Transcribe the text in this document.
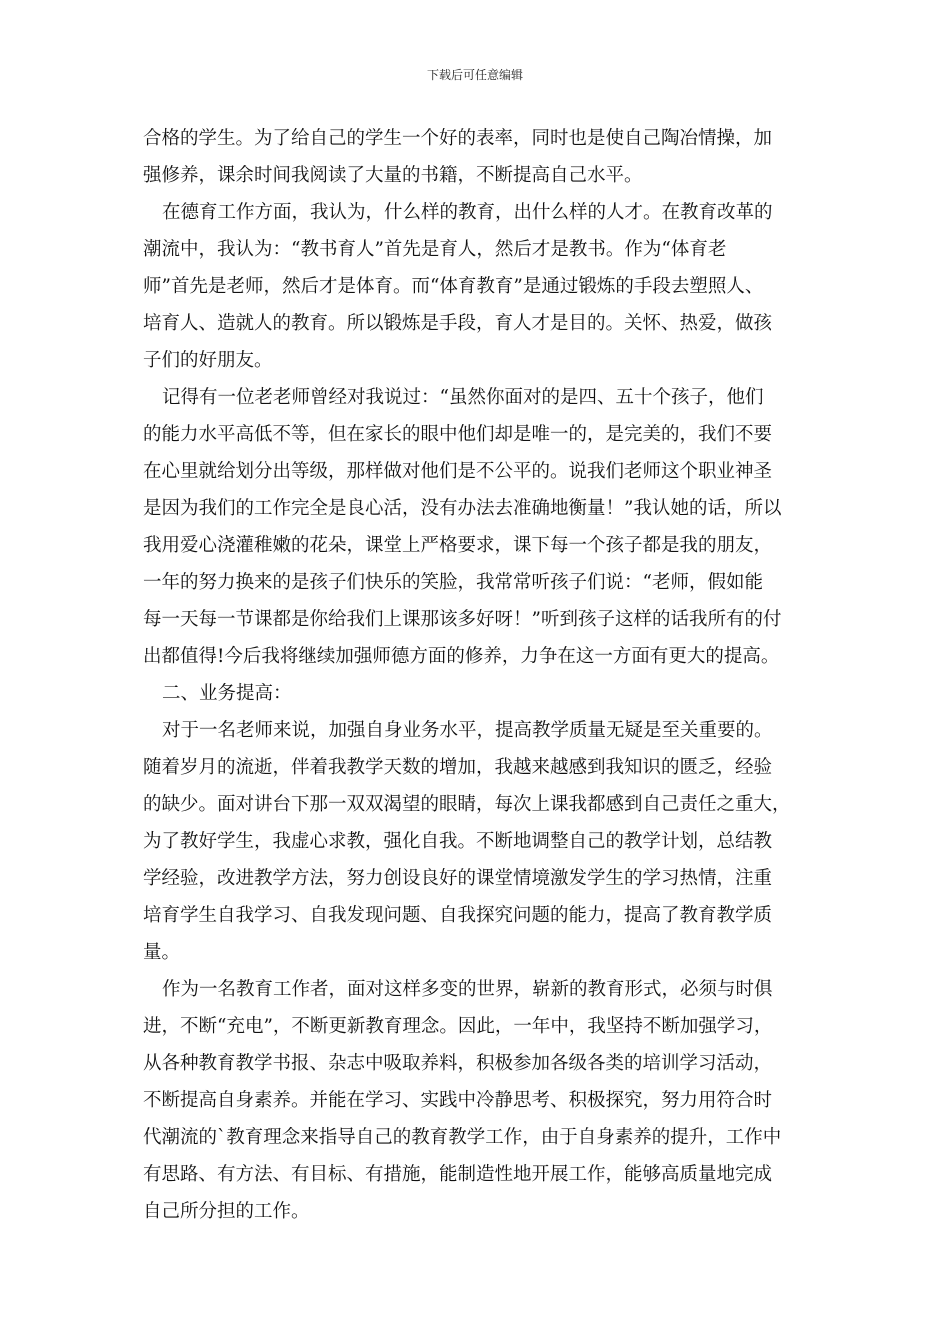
下载后可任意编辑
合格的学生。为了给自己的学生一个好的表率，同时也是使自己陶冶情操，加
强修养，课余时间我阅读了大量的书籍，不断提高自己水平。
在德育工作方面，我认为，什么样的教育，出什么样的人才。在教育改革的
潮流中，我认为：“教书育人”首先是育人，然后才是教书。作为“体育老
师”首先是老师，然后才是体育。而“体育教育”是通过锻炼的手段去塑照人、
培育人、造就人的教育。所以锻炼是手段，育人才是目的。关怀、热爱，做孩
子们的好朋友。
记得有一位老老师曾经对我说过：“虽然你面对的是四、五十个孩子，他们
的能力水平高低不等，但在家长的眼中他们却是唯一的，是完美的，我们不要
在心里就给划分出等级，那样做对他们是不公平的。说我们老师这个职业神圣
是因为我们的工作完全是良心活，没有办法去准确地衡量！”我认她的话，所以
我用爱心浇灌稚嫩的花朵，课堂上严格要求，课下每一个孩子都是我的朋友，
一年的努力换来的是孩子们快乐的笑脸，我常常听孩子们说：“老师，假如能
每一天每一节课都是你给我们上课那该多好呀！”听到孩子这样的话我所有的付
出都值得!今后我将继续加强师德方面的修养，力争在这一方面有更大的提高。
二、业务提高：
对于一名老师来说，加强自身业务水平，提高教学质量无疑是至关重要的。
随着岁月的流逝，伴着我教学天数的增加，我越来越感到我知识的匮乏，经验
的缺少。面对讲台下那一双双渴望的眼睛，每次上课我都感到自己责任之重大，
为了教好学生，我虚心求教，强化自我。不断地调整自己的教学计划，总结教
学经验，改进教学方法，努力创设良好的课堂情境激发学生的学习热情，注重
培育学生自我学习、自我发现问题、自我探究问题的能力，提高了教育教学质
量。
作为一名教育工作者，面对这样多变的世界，崭新的教育形式，必须与时俱
进，不断“充电”，不断更新教育理念。因此，一年中，我坚持不断加强学习，
从各种教育教学书报、杂志中吸取养料，积极参加各级各类的培训学习活动，
不断提高自身素养。并能在学习、实践中冷静思考、积极探究，努力用符合时
代潮流的`教育理念来指导自己的教育教学工作，由于自身素养的提升，工作中
有思路、有方法、有目标、有措施，能制造性地开展工作，能够高质量地完成
自己所分担的工作。
